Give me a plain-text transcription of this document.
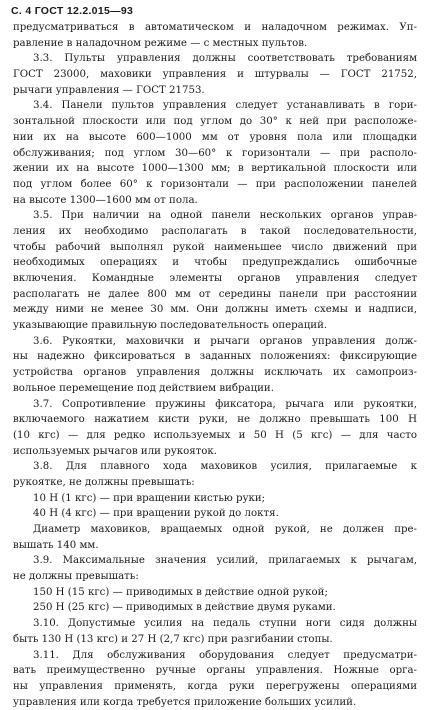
С. 4 ГОСТ 12.2.015—93
предусматриваться в автоматическом и наладочном режимах. Уп-
равление в наладочном режиме — с местных пультов.
3.3. Пульты управления должны соответствовать требованиям
ГОСТ 23000, маховики управления и штурвалы — ГОСТ 21752,
рычаги управления — ГОСТ 21753.
3.4. Панели пультов управления следует устанавливать в гори-
зонтальной плоскости или под углом до 30° к ней при расположе-
нии их на высоте 600—1000 мм от уровня пола или площадки
обслуживания; под углом 30—60° к горизонтали — при располо-
жении их на высоте 1000—1300 мм; в вертикальной плоскости или
под углом более 60° к горизонтали — при расположении панелей
на высоте 1300—1600 мм от пола.
3.5. При наличии на одной панели нескольких органов управ-
ления их необходимо располагать в такой последовательности,
чтобы рабочий выполнял рукой наименьшее число движений при
необходимых операциях и чтобы предупреждались ошибочные
включения. Командные элементы органов управления следует
располагать не далее 800 мм от середины панели при расстоянии
между ними не менее 30 мм. Они должны иметь схемы и надписи,
указывающие правильную последовательность операций.
3.6. Рукоятки, маховички и рычаги органов управления долж-
ны надежно фиксироваться в заданных положениях: фиксирующие
устройства органов управления должны исключать их самопроиз-
вольное перемещение под действием вибрации.
3.7. Сопротивление пружины фиксатора, рычага или рукоятки,
включаемого нажатием кисти руки, не должно превышать 100 Н
(10 кгс) — для редко используемых и 50 Н (5 кгс) — для часто
используемых рычагов или рукояток.
3.8. Для плавного хода маховиков усилия, прилагаемые к
рукоятке, не должны превышать:
10 Н (1 кгс) — при вращении кистью руки;
40 Н (4 кгс) — при вращении рукой до локтя.
Диаметр маховиков, вращаемых одной рукой, не должен пре-
вышать 140 мм.
3.9. Максимальные значения усилий, прилагаемых к рычагам,
не должны превышать:
150 Н (15 кгс) — приводимых в действие одной рукой;
250 Н (25 кгс) — приводимых в действие двумя руками.
3.10. Допустимые усилия на педаль ступни ноги сидя должны
быть 130 Н (13 кгс) и 27 Н (2,7 кгс) при разгибании стопы.
3.11. Для обслуживания оборудования следует предусматри-
вать преимущественно ручные органы управления. Ножные орга-
ны управления применять, когда руки перегружены операциями
управления или когда требуется приложение больших усилий.
